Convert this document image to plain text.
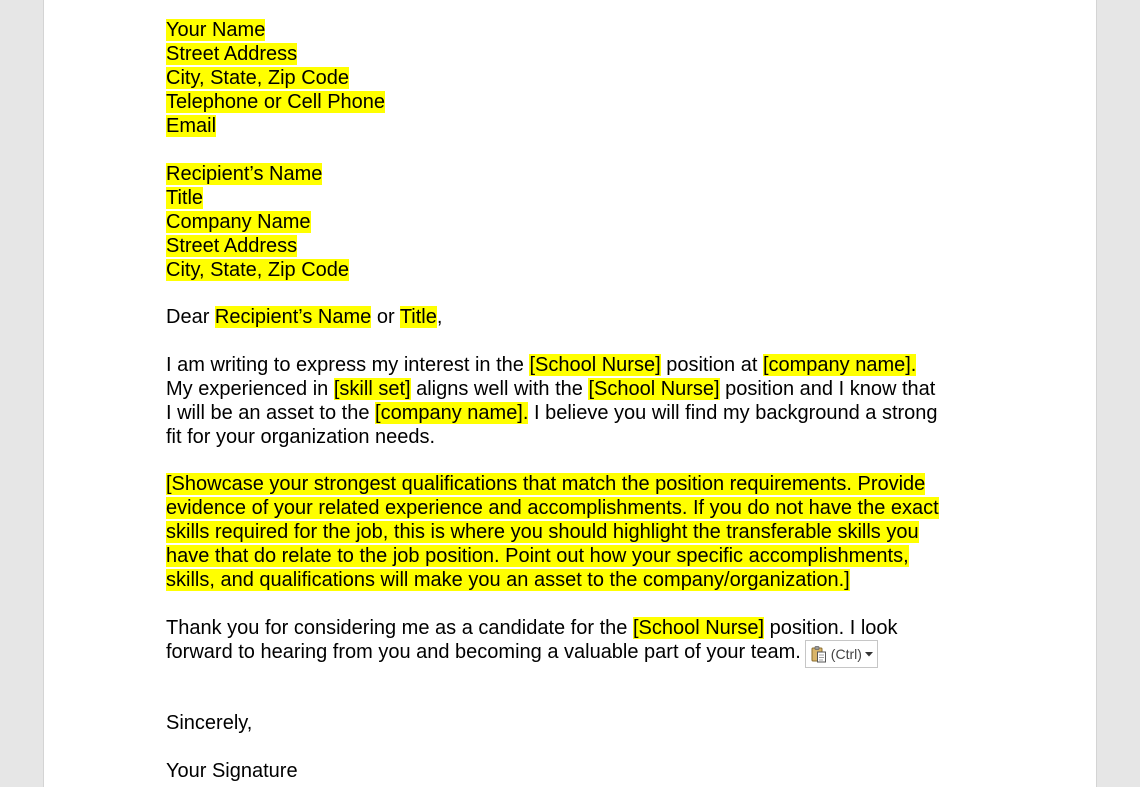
Your Name
Street Address
City, State, Zip Code
Telephone or Cell Phone
Email
Recipient’s Name
Title
Company Name
Street Address
City, State, Zip Code
Dear Recipient’s Name or Title,
I am writing to express my interest in the [School Nurse] position at [company name].
My experienced in [skill set] aligns well with the [School Nurse] position and I know that
I will be an asset to the [company name]. I believe you will find my background a strong
fit for your organization needs.
[Showcase your strongest qualifications that match the position requirements. Provide
evidence of your related experience and accomplishments. If you do not have the exact
skills required for the job, this is where you should highlight the transferable skills you
have that do relate to the job position. Point out how your specific accomplishments,
skills, and qualifications will make you an asset to the company/organization.]
Thank you for considering me as a candidate for the [School Nurse] position. I look
forward to hearing from you and becoming a valuable part of your team. (Ctrl)
Sincerely,
Your Signature
